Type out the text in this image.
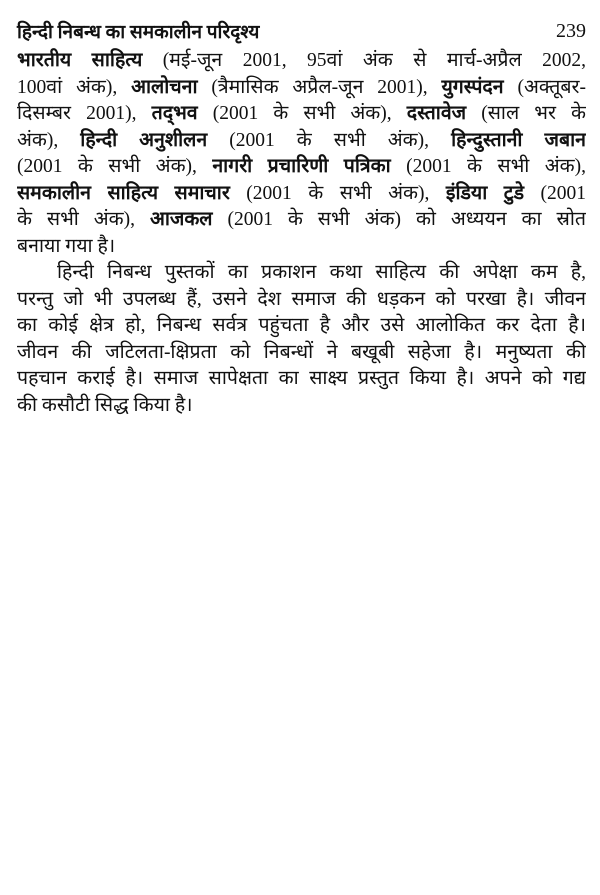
हिन्दी निबन्ध का समकालीन परिदृश्य	239
भारतीय साहित्य (मई-जून 2001, 95वां अंक से मार्च-अप्रैल 2002,
100वां अंक), आलोचना (त्रैमासिक अप्रैल-जून 2001), युगस्पंदन (अक्तूबर-
दिसम्बर 2001), तद्‌भव (2001 के सभी अंक), दस्तावेज (साल भर के
अंक), हिन्दी अनुशीलन (2001 के सभी अंक), हिन्दुस्तानी जबान
(2001 के सभी अंक), नागरी प्रचारिणी पत्रिका (2001 के सभी अंक),
समकालीन साहित्य समाचार (2001 के सभी अंक), इंडिया टुडे (2001
के सभी अंक), आजकल (2001 के सभी अंक) को अध्ययन का स्रोत
बनाया गया है।
हिन्दी निबन्ध पुस्तकों का प्रकाशन कथा साहित्य की अपेक्षा कम है,
परन्तु जो भी उपलब्ध हैं, उसने देश समाज की धड़कन को परखा है। जीवन
का कोई क्षेत्र हो, निबन्ध सर्वत्र पहुंचता है और उसे आलोकित कर देता है।
जीवन की जटिलता-क्षिप्रता को निबन्धों ने बखूबी सहेजा है। मनुष्यता की
पहचान कराई है। समाज सापेक्षता का साक्ष्य प्रस्तुत किया है। अपने को गद्य
की कसौटी सिद्ध किया है।
